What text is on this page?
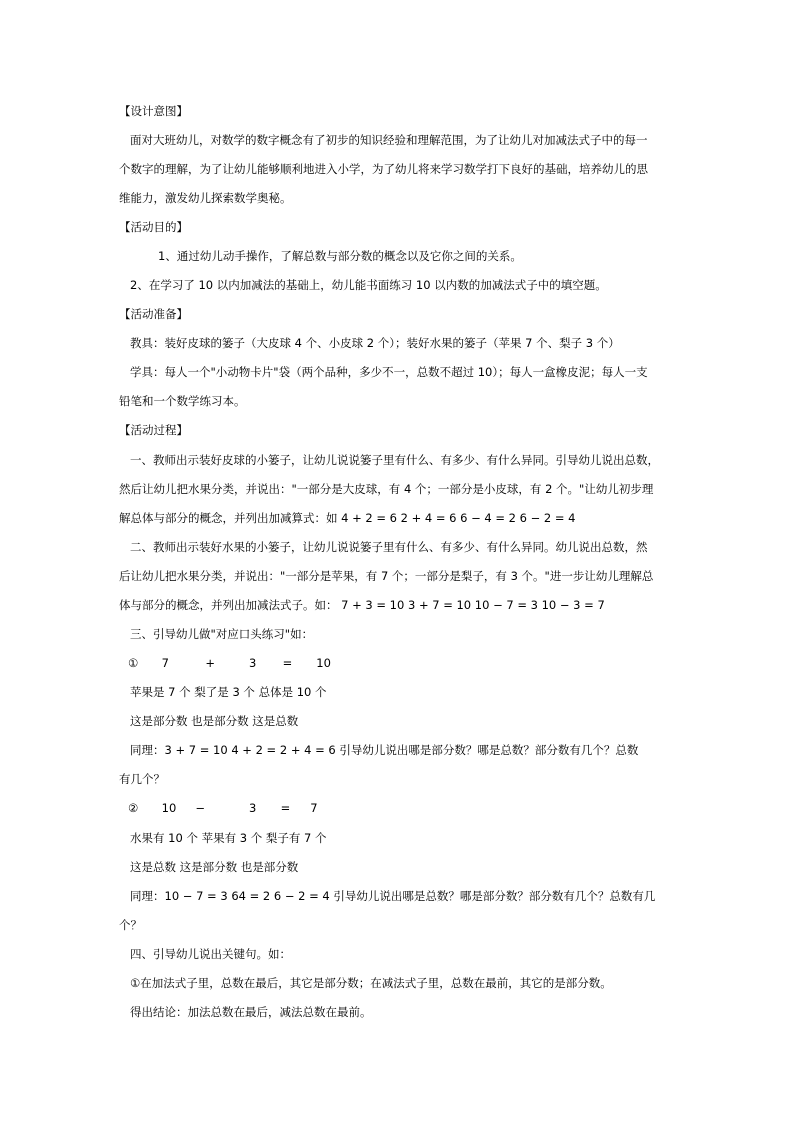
【设计意图】
面对大班幼儿，对数学的数字概念有了初步的知识经验和理解范围，为了让幼儿对加减法式子中的每一
个数字的理解，为了让幼儿能够顺利地进入小学，为了幼儿将来学习数学打下良好的基础，培养幼儿的思
维能力，激发幼儿探索数学奥秘。
【活动目的】
1、通过幼儿动手操作，了解总数与部分数的概念以及它你之间的关系。
2、在学习了 10 以内加减法的基础上，幼儿能书面练习 10 以内数的加减法式子中的填空题。
【活动准备】
教具：装好皮球的篓子（大皮球 4 个、小皮球 2 个）；装好水果的篓子（苹果 7 个、梨子 3 个）
学具：每人一个"小动物卡片"袋（两个品种，多少不一，总数不超过 10）；每人一盒橡皮泥；每人一支
铅笔和一个数学练习本。
【活动过程】
一、教师出示装好皮球的小篓子，让幼儿说说篓子里有什么、有多少、有什么异同。引导幼儿说出总数，
然后让幼儿把水果分类，并说出："一部分是大皮球，有 4 个；一部分是小皮球，有 2 个。"让幼儿初步理
解总体与部分的概念，并列出加减算式：如 4 + 2 = 6 2 + 4 = 6 6 − 4 = 2 6 − 2 = 4
二、教师出示装好水果的小篓子，让幼儿说说篓子里有什么、有多少、有什么异同。幼儿说出总数，然
后让幼儿把水果分类，并说出："一部分是苹果，有 7 个；一部分是梨子，有 3 个。"进一步让幼儿理解总
体与部分的概念，并列出加减法式子。如： 7 + 3 = 10 3 + 7 = 10 10 − 7 = 3 10 − 3 = 7
三、引导幼儿做"对应口头练习"如：
① 7	+	3 = 10
苹果是 7 个 梨了是 3 个 总体是 10 个
这是部分数 也是部分数 这是总数
同理：3 + 7 = 10 4 + 2 = 2 + 4 = 6 引导幼儿说出哪是部分数？哪是总数？部分数有几个？总数
有几个？
② 10 −	3 = 7
水果有 10 个 苹果有 3 个 梨子有 7 个
这是总数 这是部分数 也是部分数
同理：10 − 7 = 3 64 = 2 6 − 2 = 4 引导幼儿说出哪是总数？哪是部分数？部分数有几个？总数有几
个？
四、引导幼儿说出关键句。如：
①在加法式子里，总数在最后，其它是部分数；在减法式子里，总数在最前，其它的是部分数。
得出结论：加法总数在最后，减法总数在最前。
